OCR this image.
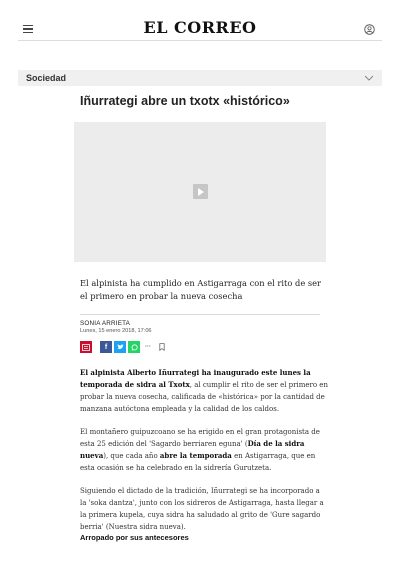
EL CORREO
Sociedad
Iñurrategi abre un txotx «histórico»
El alpinista ha cumplido en Astigarraga con el rito de ser el primero en probar la nueva cosecha
SONIA ARRIETA
Lunes, 15 enero 2018, 17:06
f	···

El alpinista Alberto Iñurrategi ha inaugurado este lunes la temporada de sidra al Txotx, al cumplir el rito de ser el primero en probar la nueva cosecha, calificada de «histórica» por la cantidad de manzana autóctona empleada y la calidad de los caldos.

El montañero guipuzcoano se ha erigido en el gran protagonista de esta 25 edición del 'Sagardo berriaren eguna' (Día de la sidra nueva), que cada año abre la temporada en Astigarraga, que en esta ocasión se ha celebrado en la sidrería Gurutzeta.

Siguiendo el dictado de la tradición, Iñurrategi se ha incorporado a la 'soka dantza', junto con los sidreros de Astigarraga, hasta llegar a la primera kupela, cuya sidra ha saludado al grito de 'Gure sagardo berria' (Nuestra sidra nueva).

Arropado por sus antecesores
